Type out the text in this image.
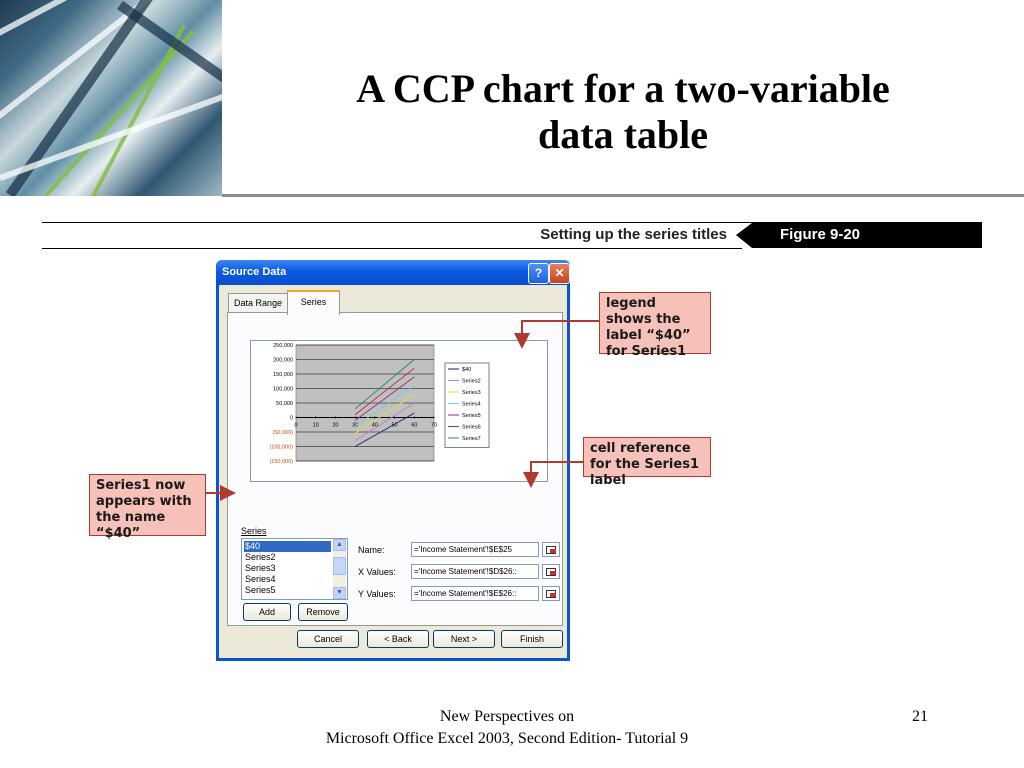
A CCP chart for a two-variable
data table
Setting up the series titles	Figure 9-20
Source Data	?	✕
Data Range	Series
250,000
200,000
150,000
100,000
50,000
0
(50,000)
(100,000)
(150,000)
0	10 20 30 40 50 60 70
$40
Series2
Series3
Series4
Series5
Series6
Series7
Series
$40
Series2
Series3
Series4
Series5
▲
▼
Add	Remove
Name:	='Income Statement'!$E$25
X Values:	='Income Statement'!$D$26::
Y Values:	='Income Statement'!$E$26::
Cancel	< Back	Next >	Finish
legend shows the label “$40” for Series1
cell reference for the Series1 label
Series1 now appears with the name “$40”
New Perspectives on
Microsoft Office Excel 2003, Second Edition- Tutorial 9
21
